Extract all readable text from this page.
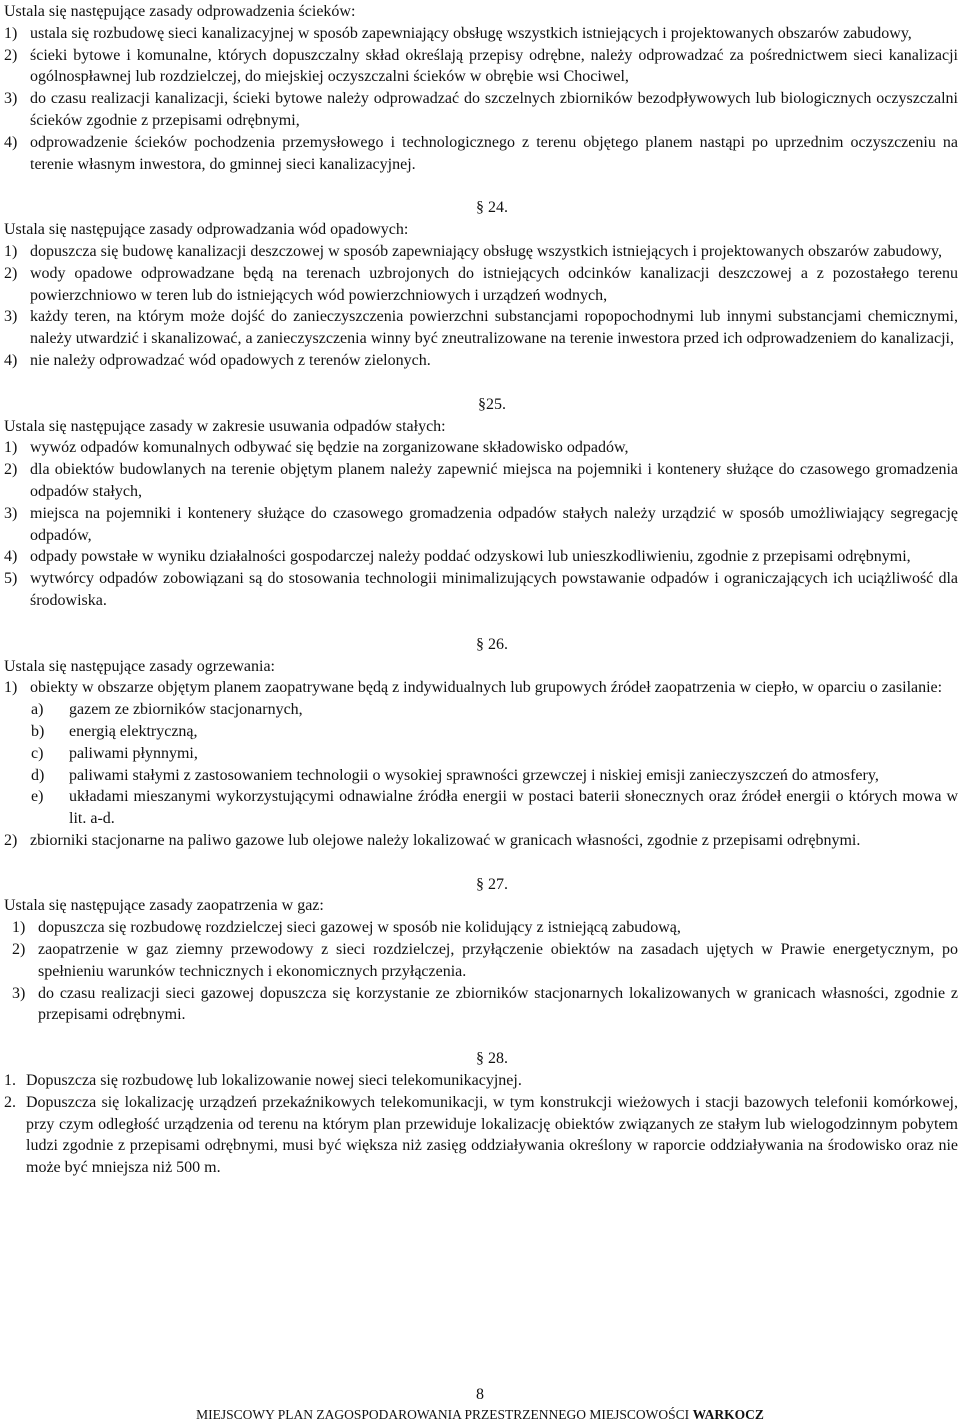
Ustala się następujące zasady odprowadzenia ścieków:

1) ustala się rozbudowę sieci kanalizacyjnej w sposób zapewniający obsługę wszystkich istniejących i projektowanych obszarów zabudowy,
2) ścieki bytowe i komunalne, których dopuszczalny skład określają przepisy odrębne, należy odprowadzać za pośrednictwem sieci kanalizacji ogólnospławnej lub rozdzielczej, do miejskiej oczyszczalni ścieków w obrębie wsi Chociwel,
3) do czasu realizacji kanalizacji, ścieki bytowe należy odprowadzać do szczelnych zbiorników bezodpływowych lub biologicznych oczyszczalni ścieków zgodnie z przepisami odrębnymi,
4) odprowadzenie ścieków pochodzenia przemysłowego i technologicznego z terenu objętego planem nastąpi po uprzednim oczyszczeniu na terenie własnym inwestora, do gminnej sieci kanalizacyjnej.
§ 24.

Ustala się następujące zasady odprowadzania wód opadowych:

1) dopuszcza się budowę kanalizacji deszczowej w sposób zapewniający obsługę wszystkich istniejących i projektowanych obszarów zabudowy,
2) wody opadowe odprowadzane będą na terenach uzbrojonych do istniejących odcinków kanalizacji deszczowej a z pozostałego terenu powierzchniowo w teren lub do istniejących wód powierzchniowych i urządzeń wodnych,
3) każdy teren, na którym może dojść do zanieczyszczenia powierzchni substancjami ropopochodnymi lub innymi substancjami chemicznymi, należy utwardzić i skanalizować, a zanieczyszczenia winny być zneutralizowane na terenie inwestora przed ich odprowadzeniem do kanalizacji,
4) nie należy odprowadzać wód opadowych z terenów zielonych.
§25.

Ustala się następujące zasady w zakresie usuwania odpadów stałych:

1) wywóz odpadów komunalnych odbywać się będzie na zorganizowane składowisko odpadów,
2) dla obiektów budowlanych na terenie objętym planem należy zapewnić miejsca na pojemniki i kontenery służące do czasowego gromadzenia odpadów stałych,
3) miejsca na pojemniki i kontenery służące do czasowego gromadzenia odpadów stałych należy urządzić w sposób umożliwiający segregację odpadów,
4) odpady powstałe w wyniku działalności gospodarczej należy poddać odzyskowi lub unieszkodliwieniu, zgodnie z przepisami odrębnymi,
5) wytwórcy odpadów zobowiązani są do stosowania technologii minimalizujących powstawanie odpadów i ograniczających ich uciążliwość dla środowiska.
§ 26.

Ustala się następujące zasady ogrzewania:

1) obiekty w obszarze objętym planem zaopatrywane będą z indywidualnych lub grupowych źródeł zaopatrzenia w ciepło, w oparciu o zasilanie:
a)	gazem ze zbiorników stacjonarnych,
b)	energią elektryczną,
c)	paliwami płynnymi,
d)	paliwami stałymi z zastosowaniem technologii o wysokiej sprawności grzewczej i niskiej emisji zanieczyszczeń do atmosfery,
e)	układami mieszanymi wykorzystującymi odnawialne źródła energii w postaci baterii słonecznych oraz źródeł energii o których mowa w lit. a-d.
2) zbiorniki stacjonarne na paliwo gazowe lub olejowe należy lokalizować w granicach własności, zgodnie z przepisami odrębnymi.
§ 27.

Ustala się następujące zasady zaopatrzenia w gaz:

1) dopuszcza się rozbudowę rozdzielczej sieci gazowej w sposób nie kolidujący z istniejącą zabudową,
2) zaopatrzenie w gaz ziemny przewodowy z sieci rozdzielczej, przyłączenie obiektów na zasadach ujętych w Prawie energetycznym, po spełnieniu warunków technicznych i ekonomicznych przyłączenia.
3) do czasu realizacji sieci gazowej dopuszcza się korzystanie ze zbiorników stacjonarnych lokalizowanych w granicach własności, zgodnie z przepisami odrębnymi.
§ 28.
1. Dopuszcza się rozbudowę lub lokalizowanie nowej sieci telekomunikacyjnej.
2. Dopuszcza się lokalizację urządzeń przekaźnikowych telekomunikacji, w tym konstrukcji wieżowych i stacji bazowych telefonii komórkowej, przy czym odległość urządzenia od terenu na którym plan przewiduje lokalizację obiektów związanych ze stałym lub wielogodzinnym pobytem ludzi zgodnie z przepisami odrębnymi, musi być większa niż zasięg oddziaływania określony w raporcie oddziaływania na środowisko oraz nie może być mniejsza niż 500 m.
8
MIEJSCOWY PLAN ZAGOSPODAROWANIA PRZESTRZENNEGO MIEJSCOWOŚCI WARKOCZ
